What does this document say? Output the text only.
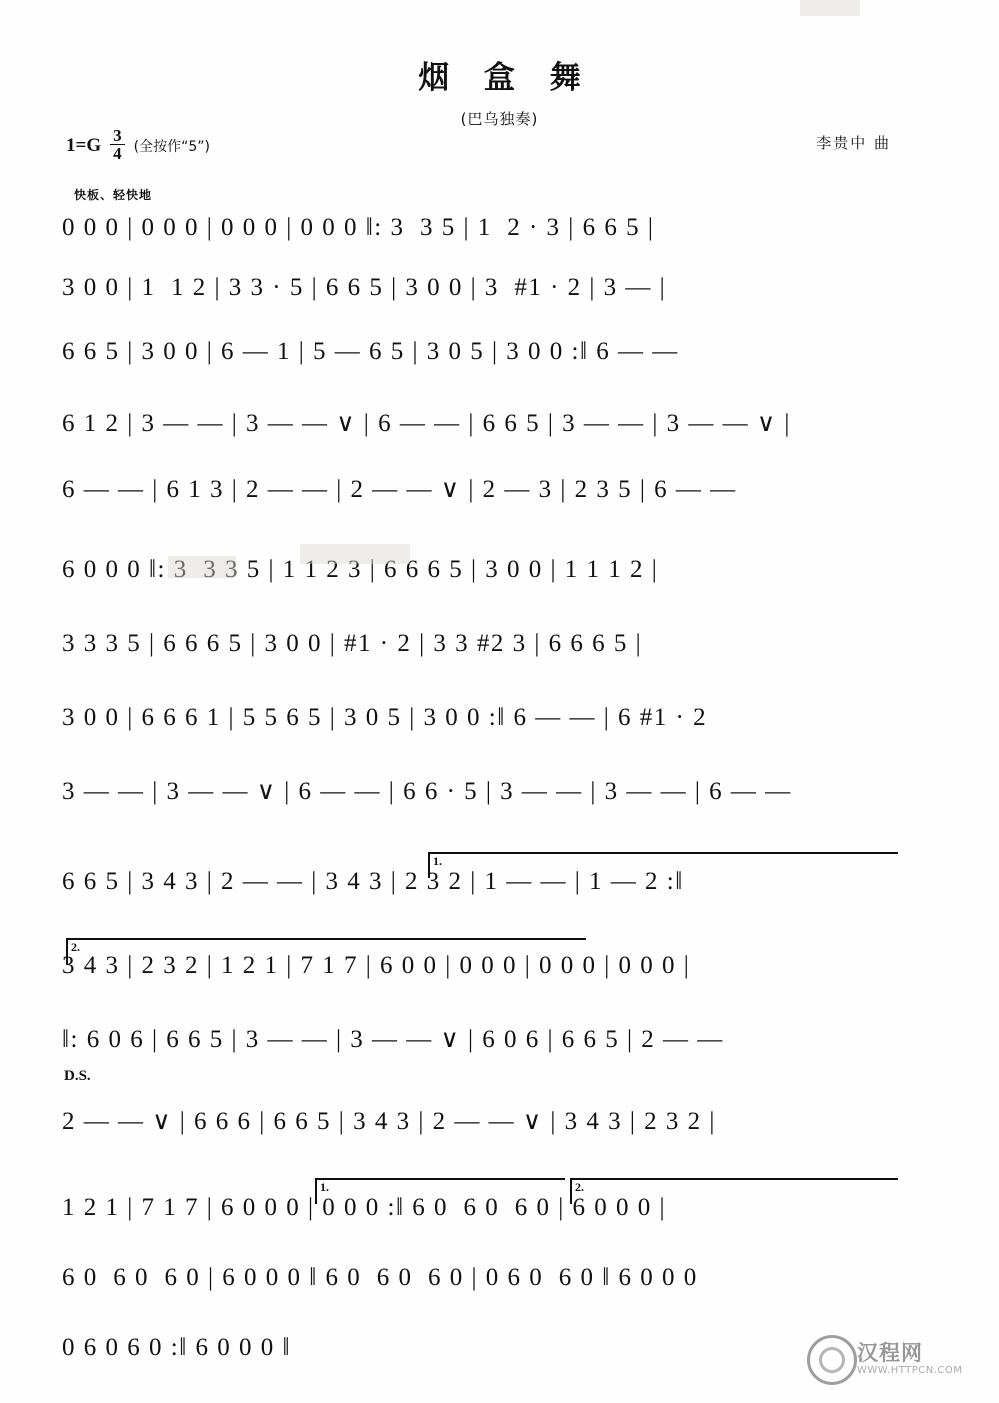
烟 盒 舞
(巴乌独奏)
$1=G \frac{3}{4}$ (全按作“5”)	李贵中 曲
快板、轻快地
0 0 0 | 0 0 0 | 0 0 0 | 0 0 0 ‖: 3  3 5 | 1  2 · 3 | 6 6 5 |
3 0 0 | 1  1 2 | 3 3 · 5 | 6 6 5 | 3 0 0 | 3  #1 · 2 | 3 — |
6 6 5 | 3 0 0 | 6 — 1 | 5 — 6 5 | 3 0 5 | 3 0 0 :‖ 6 — —
6 1 2 | 3 — — | 3 — — ∨ | 6 — — | 6 6 5 | 3 — — | 3 — — ∨ |
6 — — | 6 1 3 | 2 — — | 2 — — ∨ | 2 — 3 | 2 3 5 | 6 — —
6 0 0 0 ‖: 3  3 3 5 | 1 1 2 3 | 6 6 6 5 | 3 0 0 | 1 1 1 2 |
3 3 3 5 | 6 6 6 5 | 3 0 0 | #1 · 2 | 3 3 #2 3 | 6 6 6 5 |
3 0 0 | 6 6 6 1 | 5 5 6 5 | 3 0 5 | 3 0 0 :‖ 6 — — | 6 #1 · 2
3 — — | 3 — — ∨ | 6 — — | 6 6 · 5 | 3 — — | 3 — — | 6 — —
6 6 5 | 3 4 3 | 2 — — | 3 4 3 | 2 3 2 | 1 — — | 1 — 2 :‖
3 4 3 | 2 3 2 | 1 2 1 | 7 1 7 | 6 0 0 | 0 0 0 | 0 0 0 | 0 0 0 |
‖: 6 0 6 | 6 6 5 | 3 — — | 3 — — ∨ | 6 0 6 | 6 6 5 | 2 — —
2 — — ∨ | 6 6 6 | 6 6 5 | 3 4 3 | 2 — — ∨ | 3 4 3 | 2 3 2 |
1 2 1 | 7 1 7 | 6 0 0 0 | 0 0 0 :‖ 6 0  6 0  6 0 | 6 0 0 0 |
6 0  6 0  6 0 | 6 0 0 0 ‖ 6 0  6 0  6 0 | 0 6 0  6 0 ‖ 6 0 0 0
0 6 0 6 0 :‖ 6 0 0 0 ‖
1.
2.
1.	2.
D.S.
汉程网
WWW.HTTPCN.COM
